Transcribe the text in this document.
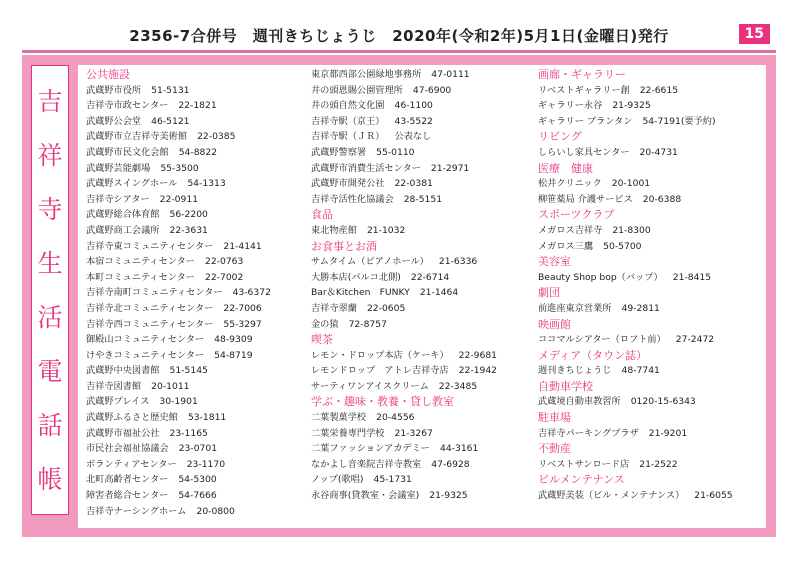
2356-7合併号　週刊きちじょうじ　2020年(令和2年)5月1日(金曜日)発行	15
吉
祥
寺
生
活
電
話
帳
公共施設
武蔵野市役所 51-5131
吉祥寺市政センター 22-1821
武蔵野公会堂 46-5121
武蔵野市立吉祥寺美術館 22-0385
武蔵野市民文化会館 54-8822
武蔵野芸能劇場 55-3500
武蔵野スイングホール 54-1313
吉祥寺シアター 22-0911
武蔵野総合体育館 56-2200
武蔵野商工会議所 22-3631
吉祥寺東コミュニティセンター 21-4141
本宿コミュニティセンター 22-0763
本町コミュニティセンター 22-7002
吉祥寺南町コミュニティセンター 43-6372
吉祥寺北コミュニティセンター 22-7006
吉祥寺西コミュニティセンター 55-3297
御殿山コミュニティセンター 48-9309
けやきコミュニティセンター 54-8719
武蔵野中央図書館 51-5145
吉祥寺図書館 20-1011
武蔵野プレイス 30-1901
武蔵野ふるさと歴史館 53-1811
武蔵野市福祉公社 23-1165
市民社会福祉協議会 23-0701
ボランティアセンター 23-1170
北町高齢者センター 54-5300
障害者総合センター 54-7666
吉祥寺ナーシングホーム 20-0800
東京都西部公園緑地事務所 47-0111
井の頭恩賜公園管理所 47-6900
井の頭自然文化園 46-1100
吉祥寺駅（京王） 43-5522
吉祥寺駅（ＪＲ） 公表なし
武蔵野警察署 55-0110
武蔵野市消費生活センター 21-2971
武蔵野市開発公社 22-0381
吉祥寺活性化協議会 28-5151
食品
東北物産館 21-1032
お食事とお酒
サムタイム（ピアノホール） 21-6336
大勝本店(パルコ北側) 22-6714
Bar＆Kitchen　FUNKY 21-1464
吉祥寺翠蘭 22-0605
金の猿 72-8757
喫茶
レモン・ドロップ本店（ケーキ） 22-9681
レモンドロップ　アトレ吉祥寺店 22-1942
サーティワンアイスクリーム 22-3485
学ぶ・趣味・教養・貸し教室
二葉製菓学校 20-4556
二葉栄養専門学校 21-3267
二葉ファッションアカデミー 44-3161
なかよし音楽院吉祥寺教室 47-6928
ノップ(歌唱) 45-1731
永谷商事(貸教室・会議室) 21-9325
画廊・ギャラリー
リベストギャラリー創 22-6615
ギャラリー永谷 21-9325
ギャラリー ブランタン 54-7191(要予約)
リビング
しらいし家具センター 20-4731
医療　健康
松井クリニック 20-1001
柳笹薬局 介護サービス 20-6388
スポーツクラブ
メガロス吉祥寺 21-8300
メガロス三鷹 50-5700
美容室
Beauty Shop bop（バップ） 21-8415
劇団
前進座東京営業所 49-2811
映画館
ココマルシアター（ロフト前） 27-2472
メディア（タウン誌）
週刊きちじょうじ 48-7741
自動車学校
武蔵境自動車教習所 0120-15-6343
駐車場
吉祥寺パーキングプラザ 21-9201
不動産
リベストサンロード店 21-2522
ビルメンテナンス
武蔵野美装（ビル・メンテナンス） 21-6055
